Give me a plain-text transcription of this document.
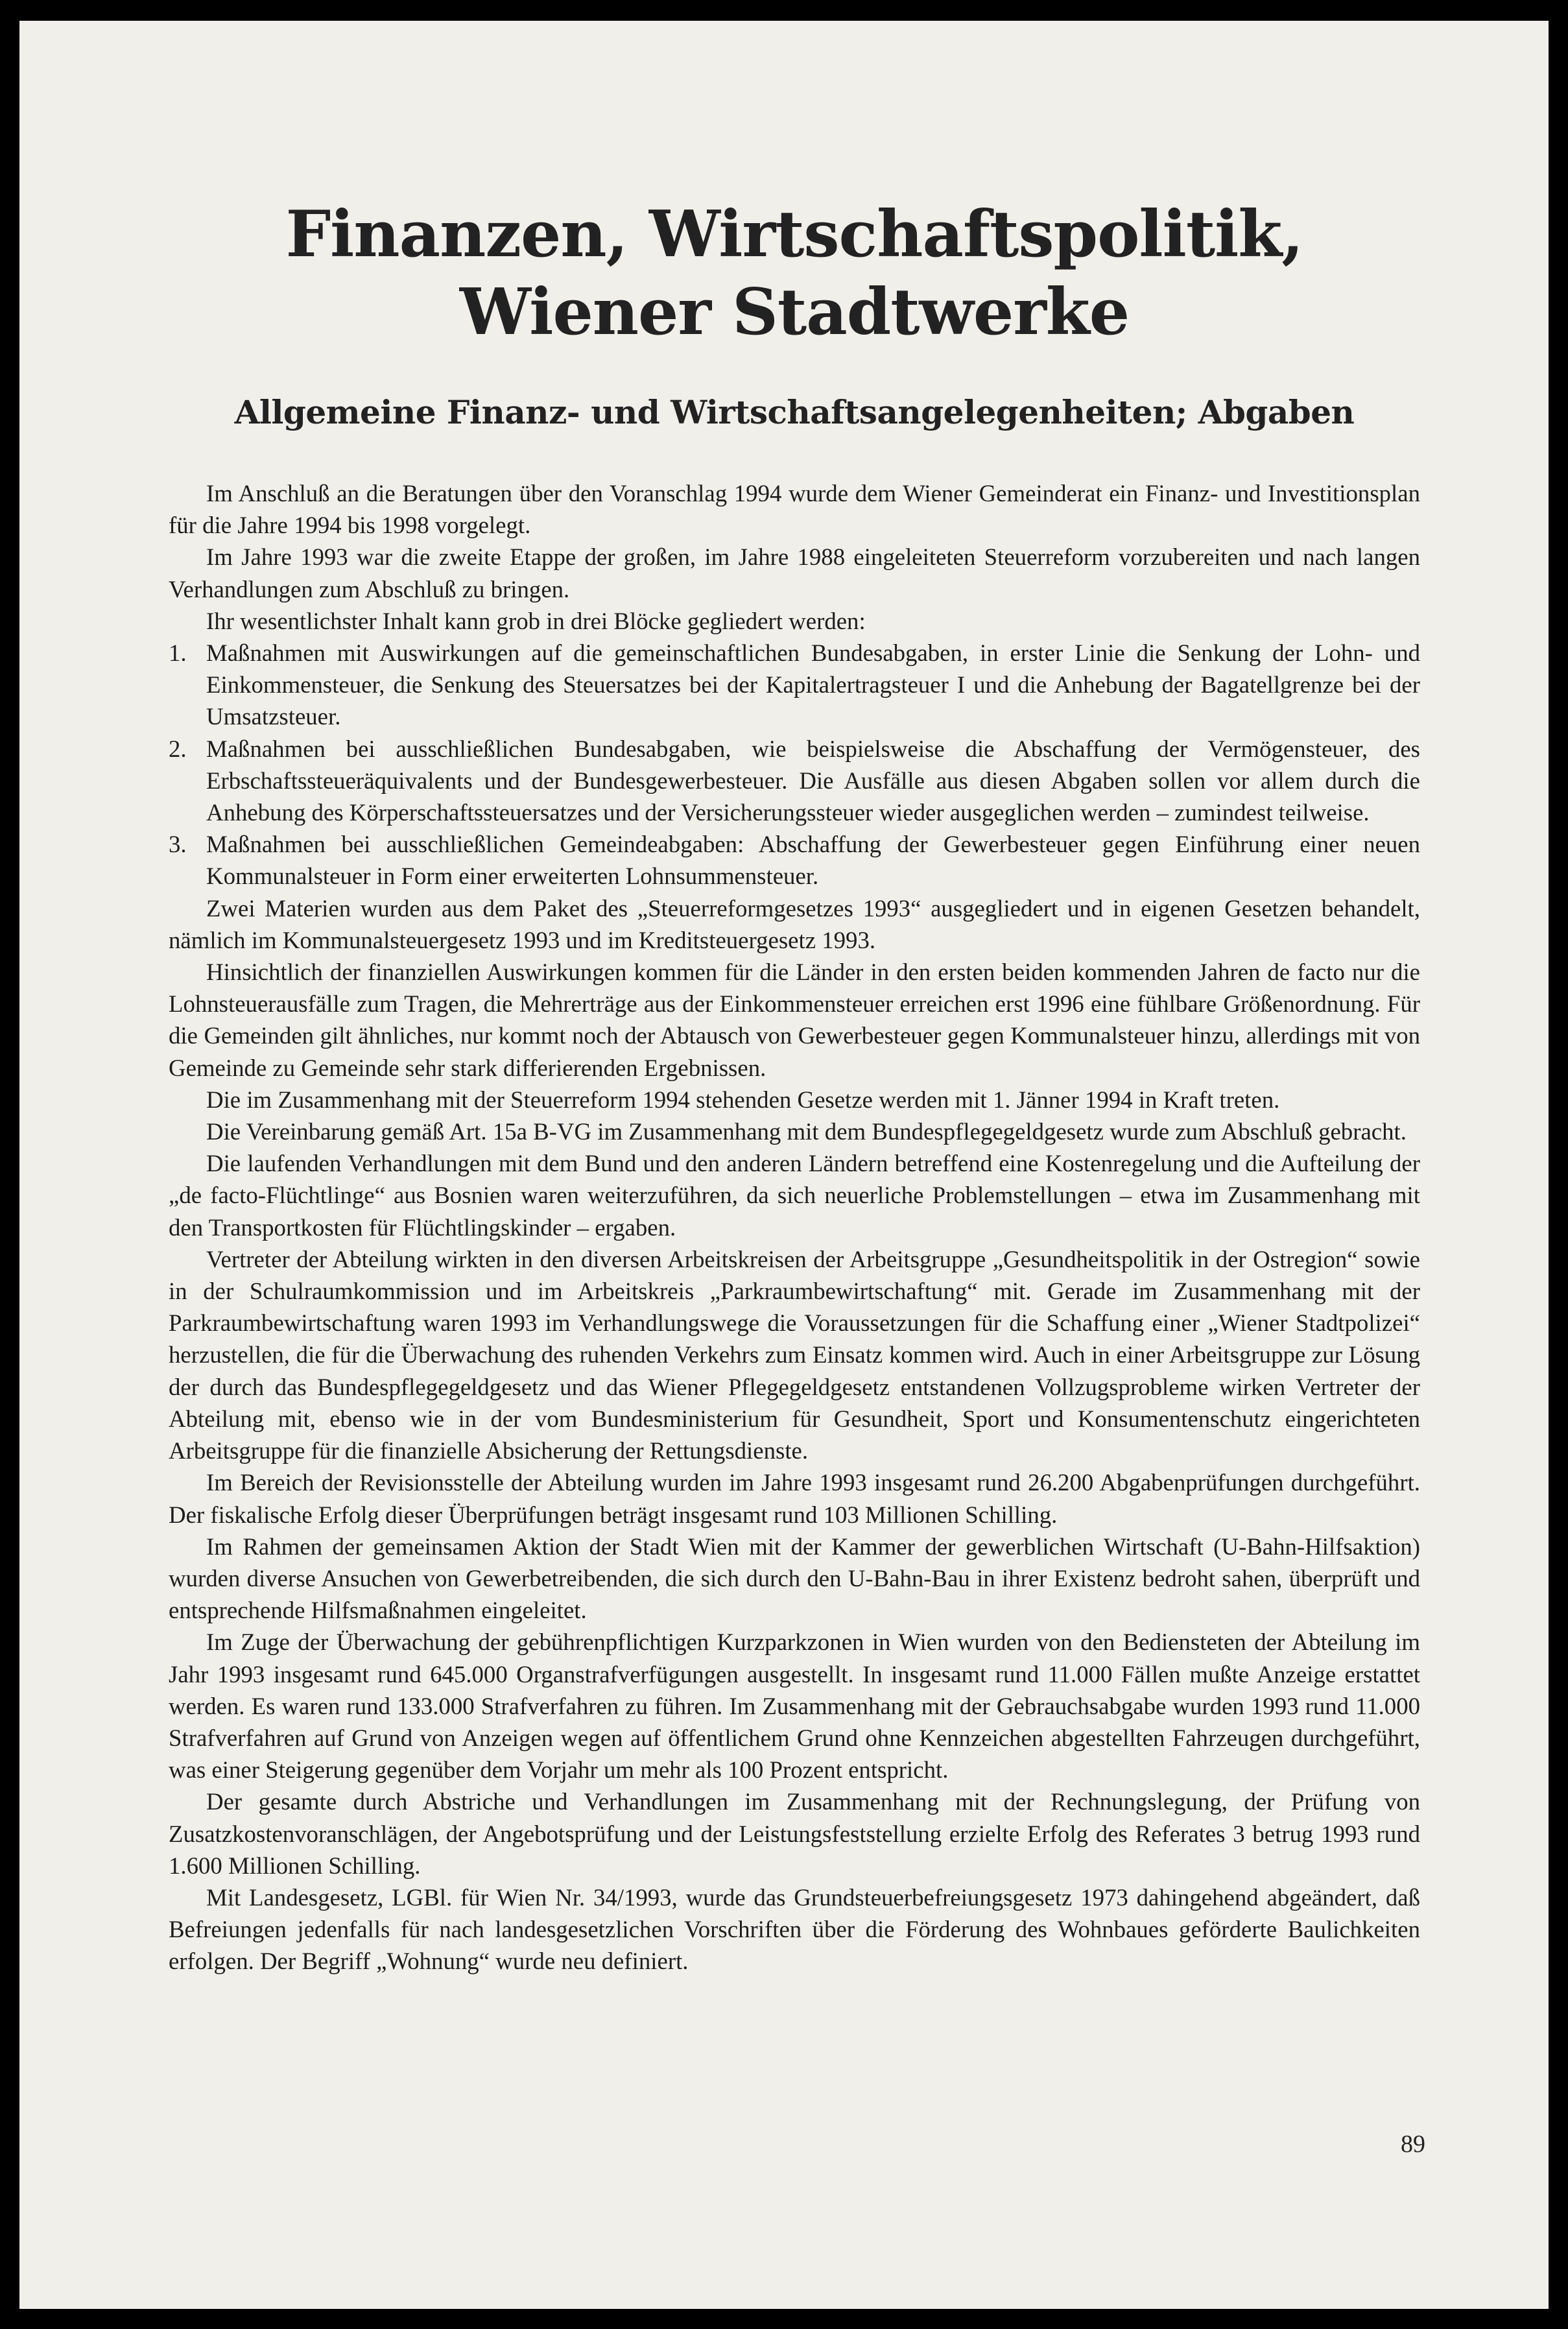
Finanzen, Wirtschaftspolitik,
Wiener Stadtwerke
Allgemeine Finanz- und Wirtschaftsangelegenheiten; Abgaben

Im Anschluß an die Beratungen über den Voranschlag 1994 wurde dem Wiener Gemeinderat ein Finanz- und Investitionsplan für die Jahre 1994 bis 1998 vorgelegt.

Im Jahre 1993 war die zweite Etappe der großen, im Jahre 1988 eingeleiteten Steuerreform vorzubereiten und nach langen Verhandlungen zum Abschluß zu bringen.

Ihr wesentlichster Inhalt kann grob in drei Blöcke gegliedert werden:

1. Maßnahmen mit Auswirkungen auf die gemeinschaftlichen Bundesabgaben, in erster Linie die Senkung der Lohn- und Einkommensteuer, die Senkung des Steuersatzes bei der Kapitalertragsteuer I und die Anhebung der Bagatellgrenze bei der Umsatzsteuer.
2. Maßnahmen bei ausschließlichen Bundesabgaben, wie beispielsweise die Abschaffung der Vermögensteuer, des Erbschaftssteueräquivalents und der Bundesgewerbesteuer. Die Ausfälle aus diesen Abgaben sollen vor allem durch die Anhebung des Körperschaftssteuersatzes und der Versicherungssteuer wieder ausgeglichen werden – zumindest teilweise.
3. Maßnahmen bei ausschließlichen Gemeindeabgaben: Abschaffung der Gewerbesteuer gegen Einführung einer neuen Kommunalsteuer in Form einer erweiterten Lohnsummensteuer.

Zwei Materien wurden aus dem Paket des „Steuerreformgesetzes 1993“ ausgegliedert und in eigenen Gesetzen behandelt, nämlich im Kommunalsteuergesetz 1993 und im Kreditsteuergesetz 1993.

Hinsichtlich der finanziellen Auswirkungen kommen für die Länder in den ersten beiden kommenden Jahren de facto nur die Lohnsteuerausfälle zum Tragen, die Mehrerträge aus der Einkommensteuer erreichen erst 1996 eine fühlbare Größenordnung. Für die Gemeinden gilt ähnliches, nur kommt noch der Abtausch von Gewerbesteuer gegen Kommunalsteuer hinzu, allerdings mit von Gemeinde zu Gemeinde sehr stark differierenden Ergebnissen.

Die im Zusammenhang mit der Steuerreform 1994 stehenden Gesetze werden mit 1. Jänner 1994 in Kraft treten.

Die Vereinbarung gemäß Art. 15a B-VG im Zusammenhang mit dem Bundespflegegeldgesetz wurde zum Abschluß gebracht.

Die laufenden Verhandlungen mit dem Bund und den anderen Ländern betreffend eine Kostenregelung und die Aufteilung der „de facto-Flüchtlinge“ aus Bosnien waren weiterzuführen, da sich neuerliche Problemstellungen – etwa im Zusammenhang mit den Transportkosten für Flüchtlingskinder – ergaben.

Vertreter der Abteilung wirkten in den diversen Arbeitskreisen der Arbeitsgruppe „Gesundheitspolitik in der Ostregion“ sowie in der Schulraumkommission und im Arbeitskreis „Parkraumbewirtschaftung“ mit. Gerade im Zusammenhang mit der Parkraumbewirtschaftung waren 1993 im Verhandlungswege die Voraussetzungen für die Schaffung einer „Wiener Stadtpolizei“ herzustellen, die für die Überwachung des ruhenden Verkehrs zum Einsatz kommen wird. Auch in einer Arbeitsgruppe zur Lösung der durch das Bundespflegegeldgesetz und das Wiener Pflegegeldgesetz entstandenen Vollzugsprobleme wirken Vertreter der Abteilung mit, ebenso wie in der vom Bundesministerium für Gesundheit, Sport und Konsumentenschutz eingerichteten Arbeitsgruppe für die finanzielle Absicherung der Rettungsdienste.

Im Bereich der Revisionsstelle der Abteilung wurden im Jahre 1993 insgesamt rund 26.200 Abgabenprüfungen durchgeführt. Der fiskalische Erfolg dieser Überprüfungen beträgt insgesamt rund 103 Millionen Schilling.

Im Rahmen der gemeinsamen Aktion der Stadt Wien mit der Kammer der gewerblichen Wirtschaft (U-Bahn-Hilfsaktion) wurden diverse Ansuchen von Gewerbetreibenden, die sich durch den U-Bahn-Bau in ihrer Existenz bedroht sahen, überprüft und entsprechende Hilfsmaßnahmen eingeleitet.

Im Zuge der Überwachung der gebührenpflichtigen Kurzparkzonen in Wien wurden von den Bediensteten der Abteilung im Jahr 1993 insgesamt rund 645.000 Organstrafverfügungen ausgestellt. In insgesamt rund 11.000 Fällen mußte Anzeige erstattet werden. Es waren rund 133.000 Strafverfahren zu führen. Im Zusammenhang mit der Gebrauchsabgabe wurden 1993 rund 11.000 Strafverfahren auf Grund von Anzeigen wegen auf öffentlichem Grund ohne Kennzeichen abgestellten Fahrzeugen durchgeführt, was einer Steigerung gegenüber dem Vorjahr um mehr als 100 Prozent entspricht.

Der gesamte durch Abstriche und Verhandlungen im Zusammenhang mit der Rechnungslegung, der Prüfung von Zusatzkostenvoranschlägen, der Angebotsprüfung und der Leistungsfeststellung erzielte Erfolg des Referates 3 betrug 1993 rund 1.600 Millionen Schilling.

Mit Landesgesetz, LGBl. für Wien Nr. 34/1993, wurde das Grundsteuerbefreiungsgesetz 1973 dahingehend abgeändert, daß Befreiungen jedenfalls für nach landesgesetzlichen Vorschriften über die Förderung des Wohnbaues geförderte Baulichkeiten erfolgen. Der Begriff „Wohnung“ wurde neu definiert.

89
